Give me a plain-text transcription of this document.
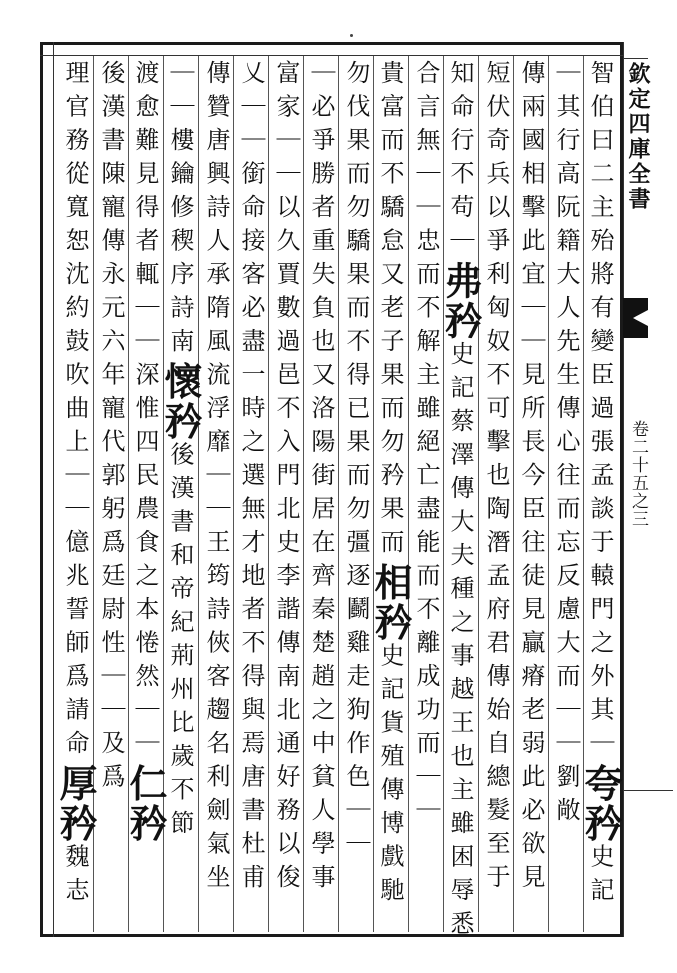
欽定四庫全書
卷二十五之三
智伯曰二主殆將有變臣過張孟談于轅門之外其｜夸矜史記
｜其行高阮籍大人先生傳心往而忘反慮大而｜｜劉敞
傳兩國相擊此宜｜｜見所長今臣往徒見贏瘠老弱此必欲見
短伏奇兵以爭利匈奴不可擊也陶潛孟府君傳始自總髮至于
知命行不苟｜弗矜史記蔡澤傳大夫種之事越王也主雖困辱悉
合言無｜｜忠而不解主雖絕亡盡能而不離成功而｜｜
貴富而不驕怠又老子果而勿矜果而相矜史記貨殖傳博戲馳
勿伐果而勿驕果而不得已果而勿彊逐鬬雞走狗作色｜｜
｜必爭勝者重失負也又洛陽街居在齊秦楚趙之中貧人學事
富家｜｜以久賈數過邑不入門北史李諧傳南北通好務以俊
乂｜｜銜命接客必盡一時之選無才地者不得與焉唐書杜甫
傳贊唐興詩人承隋風流浮靡｜｜王筠詩俠客趨名利劍氣坐
｜｜樓鑰修稧序詩南懷矜後漢書和帝紀荊州比歲不節
渡愈難見得者輒｜｜深惟四民農食之本惓然｜｜仁矜
後漢書陳寵傳永元六年寵代郭躬爲廷尉性｜｜及爲
理官務從寬恕沈約鼓吹曲上｜｜億兆誓師爲請命厚矜魏志
